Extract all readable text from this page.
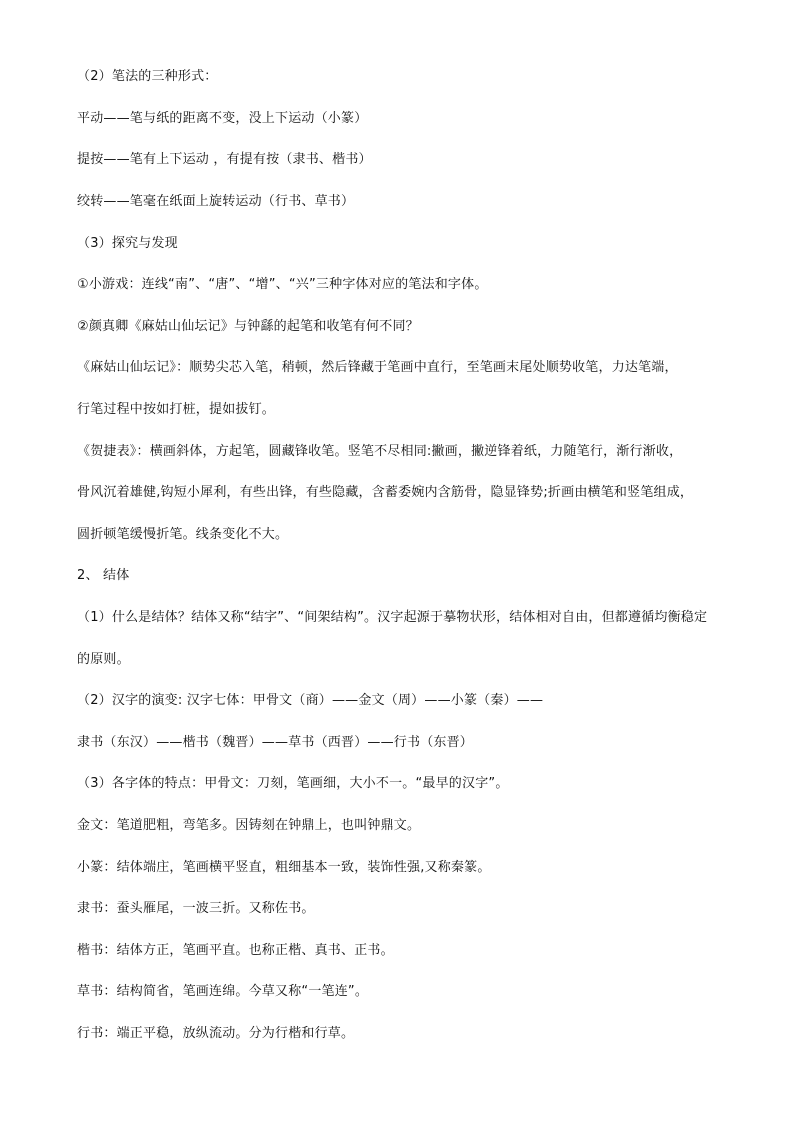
（2）笔法的三种形式：
平动——笔与纸的距离不变，没上下运动（小篆）
提按——笔有上下运动 ，有提有按（隶书、楷书）
绞转——笔毫在纸面上旋转运动（行书、草书）
（3）探究与发现
①小游戏：连线“南”、“唐”、“增”、“兴”三种字体对应的笔法和字体。
②颜真卿《麻姑山仙坛记》与钟繇的起笔和收笔有何不同？
《麻姑山仙坛记》：顺势尖芯入笔，稍顿，然后锋藏于笔画中直行，至笔画末尾处顺势收笔，力达笔端，
行笔过程中按如打桩，提如拔钉。
《贺捷表》：横画斜体，方起笔，圆藏锋收笔。竖笔不尽相同:撇画，撇逆锋着纸，力随笔行，渐行渐收，
骨风沉着雄健,钩短小犀利，有些出锋，有些隐藏，含蓄委婉内含筋骨，隐显锋势;折画由横笔和竖笔组成，
圆折顿笔缓慢折笔。线条变化不大。
2、 结体
（1）什么是结体？结体又称“结字”、“间架结构”。汉字起源于摹物状形，结体相对自由，但都遵循均衡稳定
的原则。
（2）汉字的演变: 汉字七体：甲骨文（商）——金文（周）——小篆（秦）——
隶书（东汉）——楷书（魏晋）——草书（西晋）——行书（东晋）
（3）各字体的特点：甲骨文：刀刻，笔画细，大小不一。“最早的汉字”。
金文：笔道肥粗，弯笔多。因铸刻在钟鼎上，也叫钟鼎文。
小篆：结体端庄，笔画横平竖直，粗细基本一致，装饰性强,又称秦篆。
隶书：蚕头雁尾，一波三折。又称佐书。
楷书：结体方正，笔画平直。也称正楷、真书、正书。
草书：结构简省，笔画连绵。今草又称“一笔连”。
行书：端正平稳，放纵流动。分为行楷和行草。
